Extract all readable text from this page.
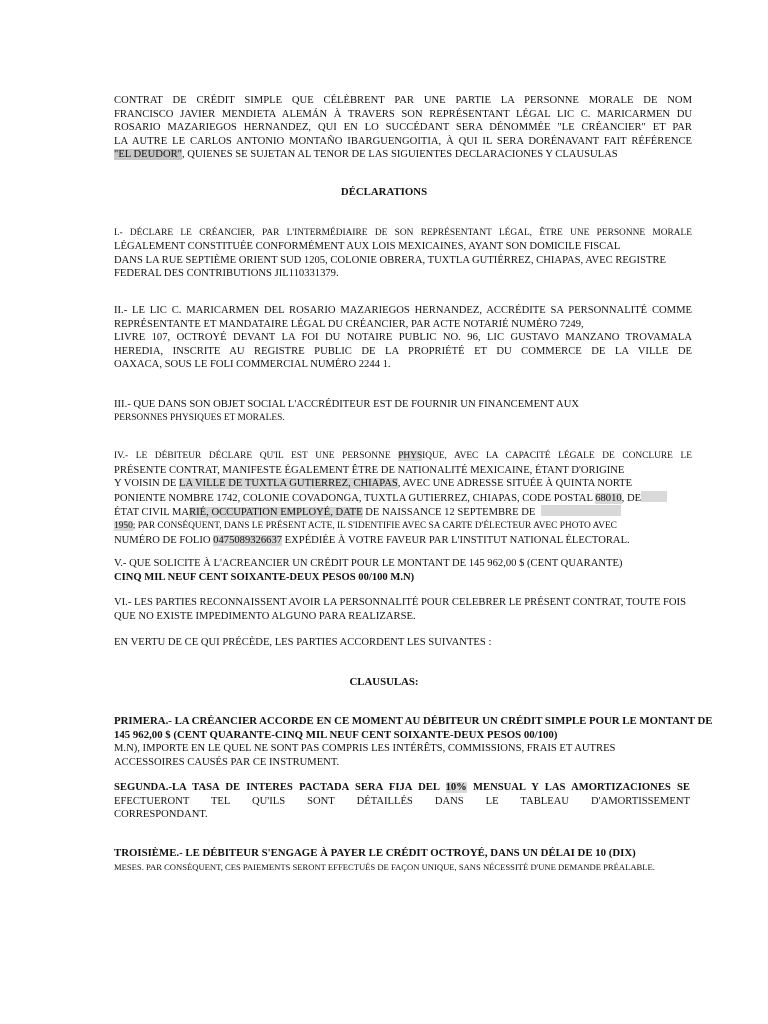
CONTRAT DE CRÉDIT SIMPLE QUE CÉLÈBRENT PAR UNE PARTIE LA PERSONNE MORALE DE NOM
FRANCISCO JAVIER MENDIETA ALEMÁN À TRAVERS SON REPRÉSENTANT LÉGAL LIC C. MARICARMEN DU
ROSARIO MAZARIEGOS HERNANDEZ, QUI EN LO SUCCÉDANT SERA DÉNOMMÉE "LE CRÉANCIER" ET PAR
LA AUTRE LE CARLOS ANTONIO MONTAÑO IBARGUENGOITIA, À QUI IL SERA DORÉNAVANT FAIT RÉFÉRENCE
"EL DEUDOR", QUIENES SE SUJETAN AL TENOR DE LAS SIGUIENTES DECLARACIONES Y CLAUSULAS
DÉCLARATIONS
I.- DÉCLARE LE CRÉANCIER, PAR L'INTERMÉDIAIRE DE SON REPRÉSENTANT LÉGAL, ÊTRE UNE PERSONNE MORALE
LÉGALEMENT CONSTITUÉE CONFORMÉMENT AUX LOIS MEXICAINES, AYANT SON DOMICILE FISCAL
DANS LA RUE SEPTIÈME ORIENT SUD 1205, COLONIE OBRERA, TUXTLA GUTIÉRREZ, CHIAPAS, AVEC REGISTRE
FEDERAL DES CONTRIBUTIONS JIL110331379.
II.- LE LIC C. MARICARMEN DEL ROSARIO MAZARIEGOS HERNANDEZ, ACCRÉDITE SA PERSONNALITÉ COMME
REPRÉSENTANTE ET MANDATAIRE LÉGAL DU CRÉANCIER, PAR ACTE NOTARIÉ NUMÉRO 7249,
LIVRE 107, OCTROYÉ DEVANT LA FOI DU NOTAIRE PUBLIC NO. 96, LIC GUSTAVO MANZANO TROVAMALA
HEREDIA, INSCRITE AU REGISTRE PUBLIC DE LA PROPRIÉTÉ ET DU COMMERCE DE LA VILLE DE
OAXACA, SOUS LE FOLI COMMERCIAL NUMÉRO 2244 1.
III.- QUE DANS SON OBJET SOCIAL L'ACCRÉDITEUR EST DE FOURNIR UN FINANCEMENT AUX
PERSONNES PHYSIQUES ET MORALES.
IV.- LE DÉBITEUR DÉCLARE QU'IL EST UNE PERSONNE PHYSIQUE, AVEC LA CAPACITÉ LÉGALE DE CONCLURE LE
PRÉSENTE CONTRAT, MANIFESTE ÉGALEMENT ÊTRE DE NATIONALITÉ MEXICAINE, ÉTANT D'ORIGINE
Y VOISIN DE LA VILLE DE TUXTLA GUTIERREZ, CHIAPAS, AVEC UNE ADRESSE SITUÉE À QUINTA NORTE
PONIENTE NOMBRE 1742, COLONIE COVADONGA, TUXTLA GUTIERREZ, CHIAPAS, CODE POSTAL 68010, DE
ÉTAT CIVIL MARIÉ, OCCUPATION EMPLOYÉ, DATE DE NAISSANCE 12 SEPTEMBRE DE
1950; PAR CONSÉQUENT, DANS LE PRÉSENT ACTE, IL S'IDENTIFIE AVEC SA CARTE D'ÉLECTEUR AVEC PHOTO AVEC
NUMÉRO DE FOLIO 0475089326637 EXPÉDIÉE À VOTRE FAVEUR PAR L'INSTITUT NATIONAL ÉLECTORAL.
V.- QUE SOLICITE À L'ACREANCIER UN CRÉDIT POUR LE MONTANT DE 145 962,00 $ (CENT QUARANTE)
CINQ MIL NEUF CENT SOIXANTE-DEUX PESOS 00/100 M.N)
VI.- LES PARTIES RECONNAISSENT AVOIR LA PERSONNALITÉ POUR CELEBRER LE PRÉSENT CONTRAT, TOUTE FOIS
QUE NO EXISTE IMPEDIMENTO ALGUNO PARA REALIZARSE.
EN VERTU DE CE QUI PRÉCÈDE, LES PARTIES ACCORDENT LES SUIVANTES :
CLAUSULAS:
PRIMERA.- LA CRÉANCIER ACCORDE EN CE MOMENT AU DÉBITEUR UN CRÉDIT SIMPLE POUR LE MONTANT DE
145 962,00 $ (CENT QUARANTE-CINQ MIL NEUF CENT SOIXANTE-DEUX PESOS 00/100)
M.N), IMPORTE EN LE QUEL NE SONT PAS COMPRIS LES INTÉRÊTS, COMMISSIONS, FRAIS ET AUTRES
ACCESSOIRES CAUSÉS PAR CE INSTRUMENT.
SEGUNDA.-LA TASA DE INTERES PACTADA SERA FIJA DEL 10% MENSUAL Y LAS AMORTIZACIONES SE
EFECTUERONT TEL QU'ILS SONT DÉTAILLÉS DANS LE TABLEAU D'AMORTISSEMENT
CORRESPONDANT.
TROISIÈME.- LE DÉBITEUR S'ENGAGE À PAYER LE CRÉDIT OCTROYÉ, DANS UN DÉLAI DE 10 (DIX)
MESES. PAR CONSÉQUENT, CES PAIEMENTS SERONT EFFECTUÉS DE FAÇON UNIQUE, SANS NÉCESSITÉ D'UNE DEMANDE PRÉALABLE.
